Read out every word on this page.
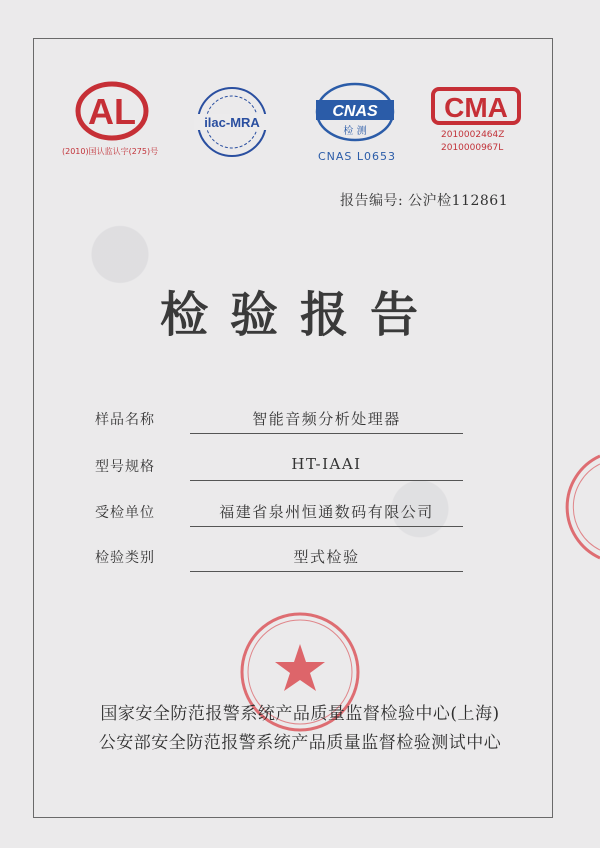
AL
(2010)国认监认字(275)号
ilac-MRA
CNAS
检 测
CNAS L0653
CMA
2010002464Z
2010000967L
报告编号: 公沪检112861
检验报告
样品名称	智能音频分析处理器
型号规格	HT-IAAI
受检单位	福建省泉州恒通数码有限公司
检验类别	型式检验
国家安全防范报警系统产品质量监督检验中心(上海)
公安部安全防范报警系统产品质量监督检验测试中心
